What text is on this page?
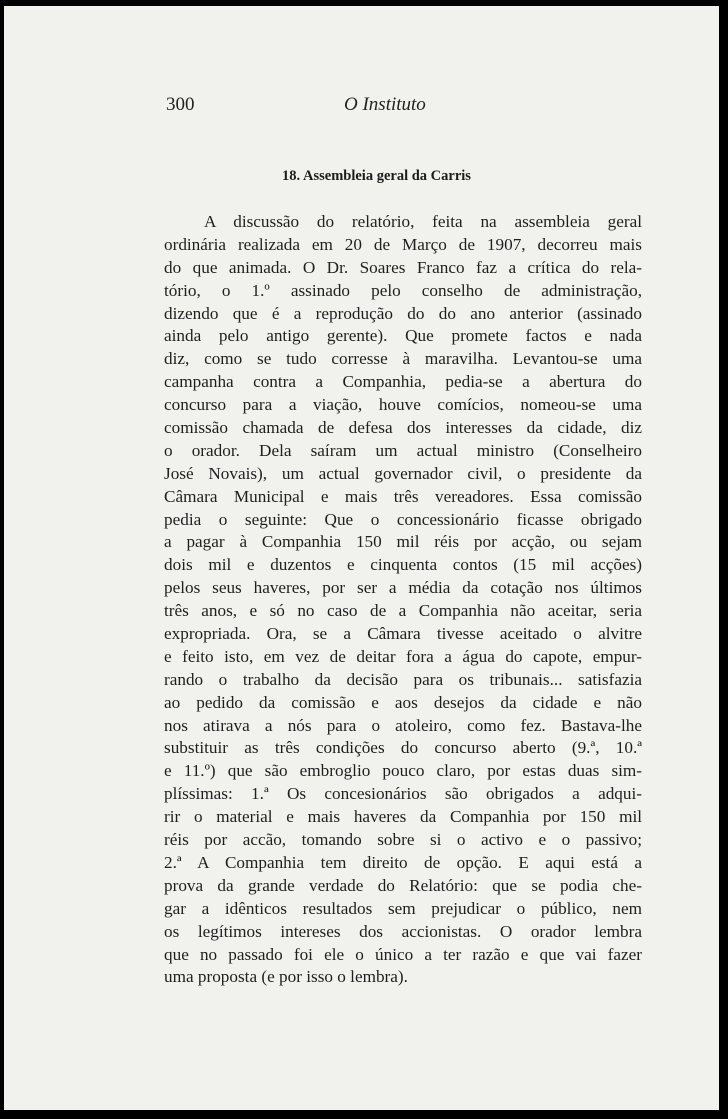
300	O Instituto
18. Assembleia geral da Carris
A discussão do relatório, feita na assembleia geral
ordinária realizada em 20 de Março de 1907, decorreu mais
do que animada. O Dr. Soares Franco faz a crítica do rela-
tório, o 1.º assinado pelo conselho de administração,
dizendo que é a reprodução do do ano anterior (assinado
ainda pelo antigo gerente). Que promete factos e nada
diz, como se tudo corresse à maravilha. Levantou-se uma
campanha contra a Companhia, pedia-se a abertura do
concurso para a viação, houve comícios, nomeou-se uma
comissão chamada de defesa dos interesses da cidade, diz
o orador. Dela saíram um actual ministro (Conselheiro
José Novais), um actual governador civil, o presidente da
Câmara Municipal e mais três vereadores. Essa comissão
pedia o seguinte: Que o concessionário ficasse obrigado
a pagar à Companhia 150 mil réis por acção, ou sejam
dois mil e duzentos e cinquenta contos (15 mil acções)
pelos seus haveres, por ser a média da cotação nos últimos
três anos, e só no caso de a Companhia não aceitar, seria
expropriada. Ora, se a Câmara tivesse aceitado o alvitre
e feito isto, em vez de deitar fora a água do capote, empur-
rando o trabalho da decisão para os tribunais... satisfazia
ao pedido da comissão e aos desejos da cidade e não
nos atirava a nós para o atoleiro, como fez. Bastava-lhe
substituir as três condições do concurso aberto (9.ª, 10.ª
e 11.º) que são embroglio pouco claro, por estas duas sim-
plíssimas: 1.ª Os concesionários são obrigados a adqui-
rir o material e mais haveres da Companhia por 150 mil
réis por accão, tomando sobre si o activo e o passivo;
2.ª A Companhia tem direito de opção. E aqui está a
prova da grande verdade do Relatório: que se podia che-
gar a idênticos resultados sem prejudicar o público, nem
os legítimos intereses dos accionistas. O orador lembra
que no passado foi ele o único a ter razão e que vai fazer
uma proposta (e por isso o lembra).
